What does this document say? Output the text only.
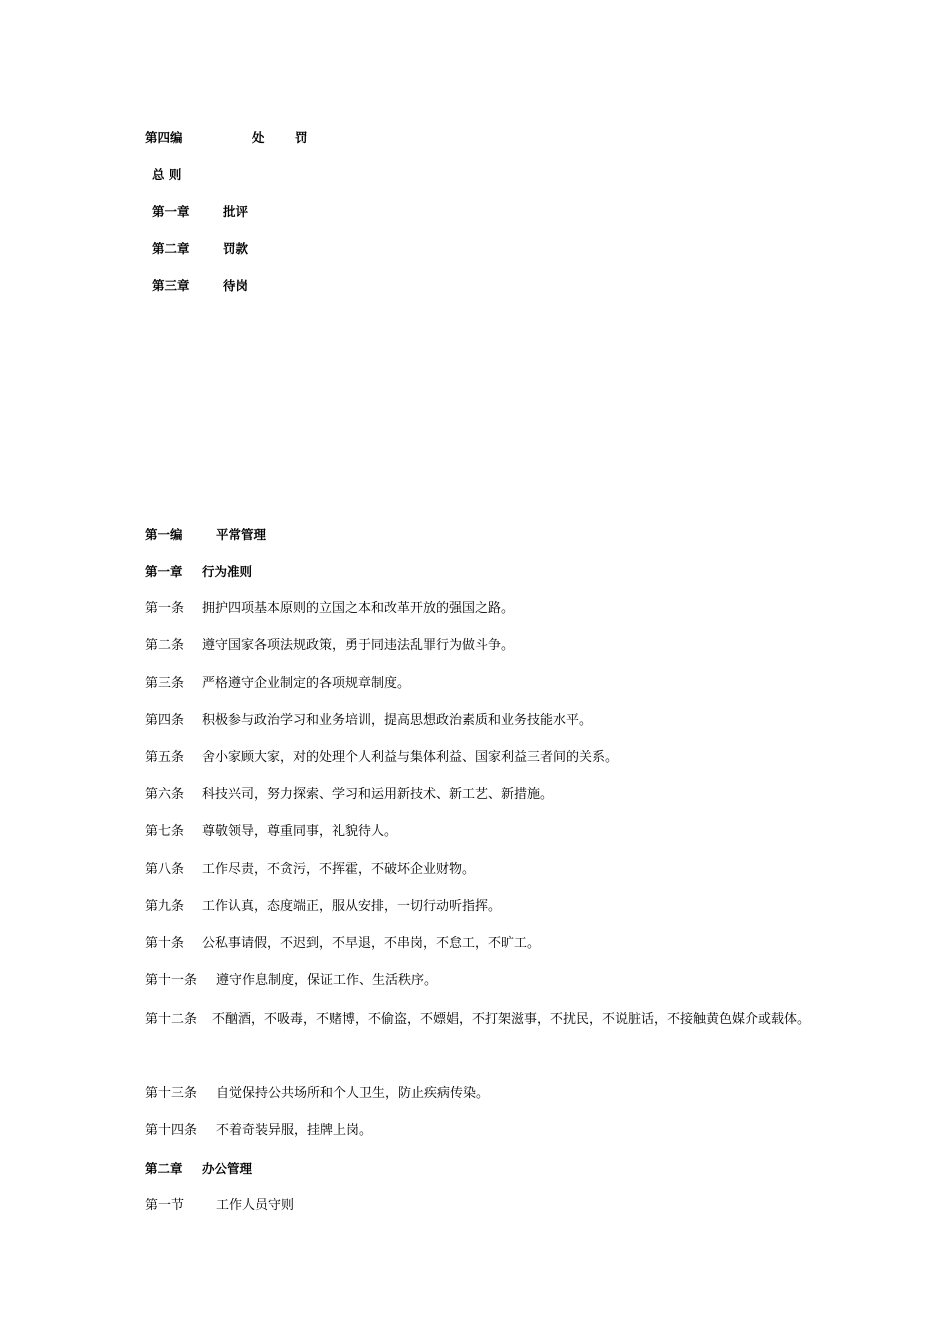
第四编	处 罚
总 则
第一章	批评
第二章	罚款
第三章	待岗
第一编	平常管理
第一章 行为准则
第一条 拥护四项基本原则的立国之本和改革开放的强国之路。
第二条 遵守国家各项法规政策，勇于同违法乱罪行为做斗争。
第三条 严格遵守企业制定的各项规章制度。
第四条 积极参与政治学习和业务培训，提高思想政治素质和业务技能水平。
第五条 舍小家顾大家，对的处理个人利益与集体利益、国家利益三者间的关系。
第六条 科技兴司，努力探索、学习和运用新技术、新工艺、新措施。
第七条 尊敬领导，尊重同事，礼貌待人。
第八条 工作尽责，不贪污，不挥霍，不破坏企业财物。
第九条 工作认真，态度端正，服从安排，一切行动听指挥。
第十条 公私事请假，不迟到，不早退，不串岗，不怠工，不旷工。
第十一条 遵守作息制度，保证工作、生活秩序。
第十二条 不酗酒，不吸毒，不赌博，不偷盗，不嫖娼，不打架滋事，不扰民，不说脏话，不接触黄色媒介或载体。
第十三条 自觉保持公共场所和个人卫生，防止疾病传染。
第十四条 不着奇装异服，挂牌上岗。
第二章 办公管理
第一节 工作人员守则
